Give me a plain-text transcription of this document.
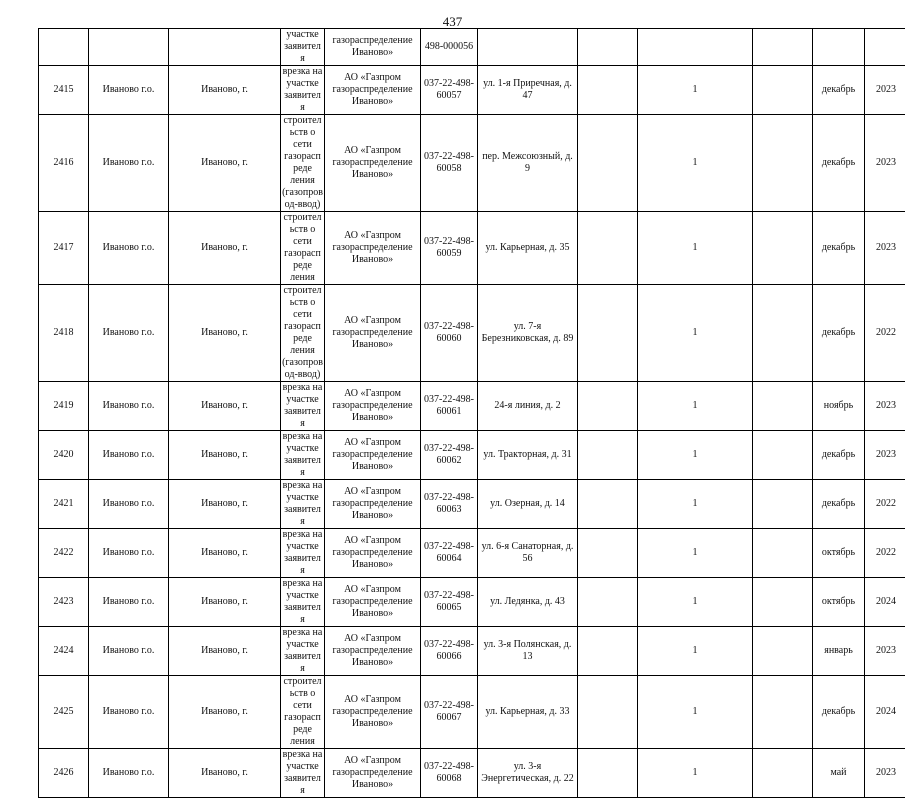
437
			участке заявителя	газораспределение Иваново»	498-000056						
2415	Иваново г.о.	Иваново, г.	врезка на участке заявителя	АО «Газпром газораспределение Иваново»	037-22-498-60057	ул. 1-я Приречная, д. 47		1		декабрь	2023
2416	Иваново г.о.	Иваново, г.	строительств о сети газораспреде ления (газопровод-ввод)	АО «Газпром газораспределение Иваново»	037-22-498-60058	пер. Межсоюзный, д. 9		1		декабрь	2023
2417	Иваново г.о.	Иваново, г.	строительств о сети газораспреде ления	АО «Газпром газораспределение Иваново»	037-22-498-60059	ул. Карьерная, д. 35		1		декабрь	2023
2418	Иваново г.о.	Иваново, г.	строительств о сети газораспреде ления (газопровод-ввод)	АО «Газпром газораспределение Иваново»	037-22-498-60060	ул. 7-я Березниковская, д. 89		1		декабрь	2022
2419	Иваново г.о.	Иваново, г.	врезка на участке заявителя	АО «Газпром газораспределение Иваново»	037-22-498-60061	24-я линия, д. 2		1		ноябрь	2023
2420	Иваново г.о.	Иваново, г.	врезка на участке заявителя	АО «Газпром газораспределение Иваново»	037-22-498-60062	ул. Тракторная, д. 31		1		декабрь	2023
2421	Иваново г.о.	Иваново, г.	врезка на участке заявителя	АО «Газпром газораспределение Иваново»	037-22-498-60063	ул. Озерная, д. 14		1		декабрь	2022
2422	Иваново г.о.	Иваново, г.	врезка на участке заявителя	АО «Газпром газораспределение Иваново»	037-22-498-60064	ул. 6-я Санаторная, д. 56		1		октябрь	2022
2423	Иваново г.о.	Иваново, г.	врезка на участке заявителя	АО «Газпром газораспределение Иваново»	037-22-498-60065	ул. Ледянка, д. 43		1		октябрь	2024
2424	Иваново г.о.	Иваново, г.	врезка на участке заявителя	АО «Газпром газораспределение Иваново»	037-22-498-60066	ул. 3-я Полянская, д. 13		1		январь	2023
2425	Иваново г.о.	Иваново, г.	строительств о сети газораспреде ления	АО «Газпром газораспределение Иваново»	037-22-498-60067	ул. Карьерная, д. 33		1		декабрь	2024
2426	Иваново г.о.	Иваново, г.	врезка на участке заявителя	АО «Газпром газораспределение Иваново»	037-22-498-60068	ул. 3-я Энергетическая, д. 22		1		май	2023
